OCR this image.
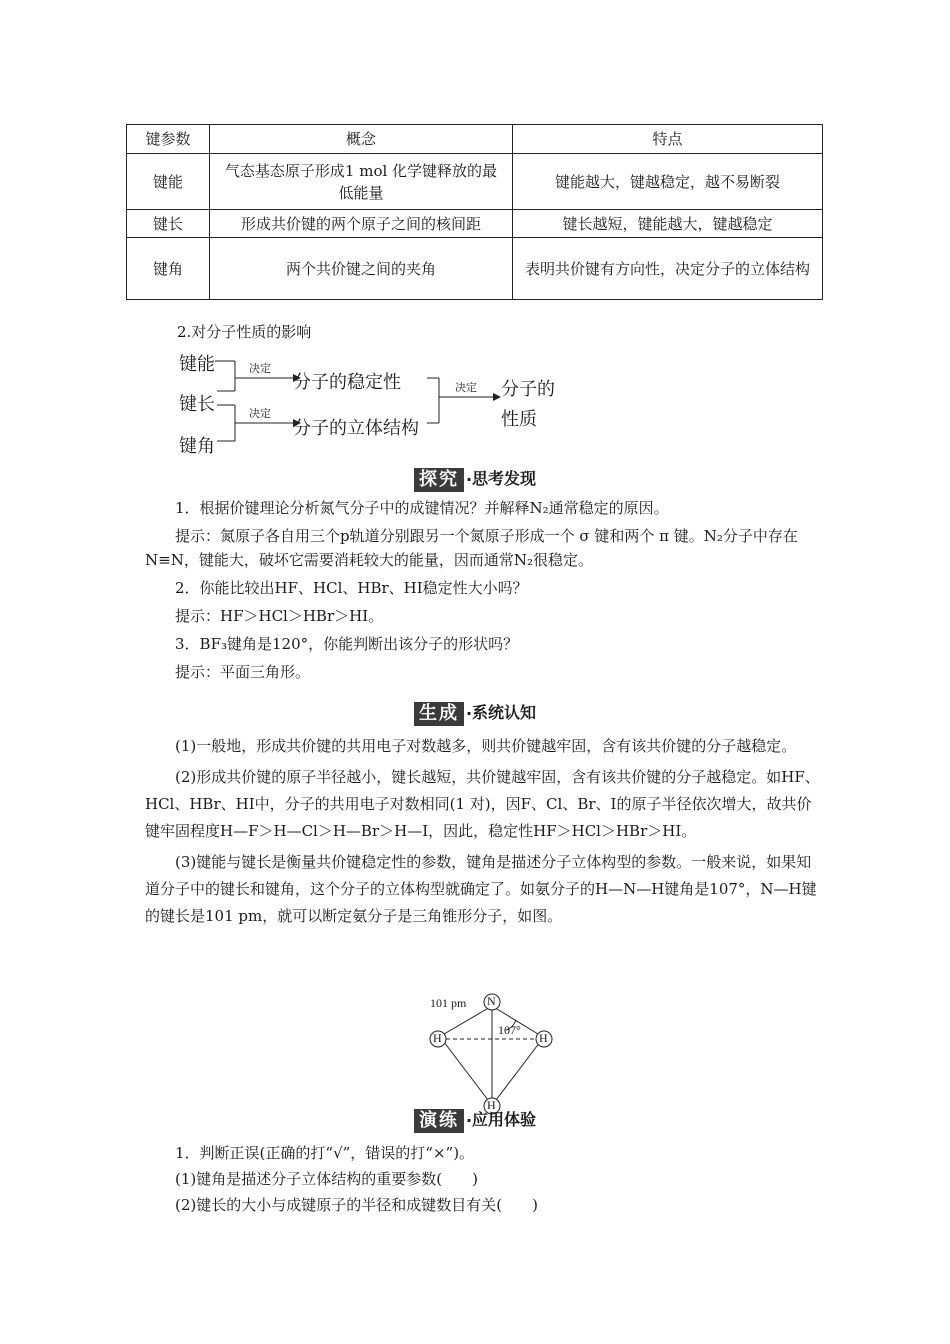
键参数	概念	特点
键能	气态基态原子形成1 mol 化学键释放的最低能量	键能越大，键越稳定，越不易断裂
键长	形成共价键的两个原子之间的核间距	键长越短，键能越大，键越稳定
键角	两个共价键之间的夹角	表明共价键有方向性，决定分子的立体结构
2.对分子性质的影响
键能
键长
键角
决定
决定
决定
分子的稳定性
分子的立体结构
分子的
性质
探究 ·思考发现

1．根据价键理论分析氮气分子中的成键情况？并解释N₂通常稳定的原因。

提示：氮原子各自用三个p轨道分别跟另一个氮原子形成一个 σ 键和两个 π 键。N₂分子中存在N≡N，键能大，破坏它需要消耗较大的能量，因而通常N₂很稳定。

2．你能比较出HF、HCl、HBr、HI稳定性大小吗？

提示：HF＞HCl＞HBr＞HI。

3．BF₃键角是120°，你能判断出该分子的形状吗？

提示：平面三角形。

生成 ·系统认知

(1)一般地，形成共价键的共用电子对数越多，则共价键越牢固，含有该共价键的分子越稳定。

(2)形成共价键的原子半径越小，键长越短，共价键越牢固，含有该共价键的分子越稳定。如HF、HCl、HBr、HI中，分子的共用电子对数相同(1 对)，因F、Cl、Br、I的原子半径依次增大，故共价键牢固程度H—F＞H—Cl＞H—Br＞H—I，因此，稳定性HF＞HCl＞HBr＞HI。

(3)键能与键长是衡量共价键稳定性的参数，键角是描述分子立体构型的参数。一般来说，如果知道分子中的键长和键角，这个分子的立体构型就确定了。如氨分子的H—N—H键角是107°，N—H键的键长是101 pm，就可以断定氨分子是三角锥形分子，如图。

N
H	H
H
101 pm
107°
演练 ·应用体验

1．判断正误(正确的打“√”，错误的打“×”)。

(1)键角是描述分子立体结构的重要参数(　　)

(2)键长的大小与成键原子的半径和成键数目有关(　　)
